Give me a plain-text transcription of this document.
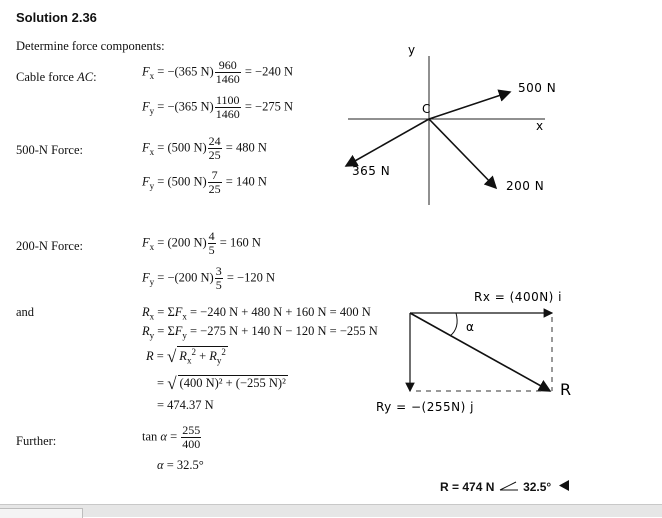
Solution 2.36
Determine force components:
Cable force AC:
500-N Force:
200-N Force:
and
Further:
$F_x = -(365$ $N) \frac{960}{1460} = -240$ N
$F_y = -(365$ $N) \frac{1100}{1460} = -275$ N
$F_x = (500$ $N) \frac{24}{25} = 480$ N
$F_y = (500$ $N) \frac{7}{25} = 140$ N
$F_x = (200$ $N) \frac{4}{5} = 160$ N
$F_y = -(200$ $N) \frac{3}{5} = -120$ N
$R_x = \Sigma F_x = -240$ N + 480 N + 160 N = 400 N
$R_y = \Sigma F_y = -275$ N + 140 N − 120 N = −255 N
R = √ $R_x^2 + R_y^2$
= √ (400 N)² + (−255 N)²
= 474.37 N
$\tan \alpha = \frac{255}{400}$
α = 32.5°
R = 474 N 32.5°
y
x
C
500 N
365 N
200 N
α
Rx = (400N) i
Ry = −(255N) j
R
